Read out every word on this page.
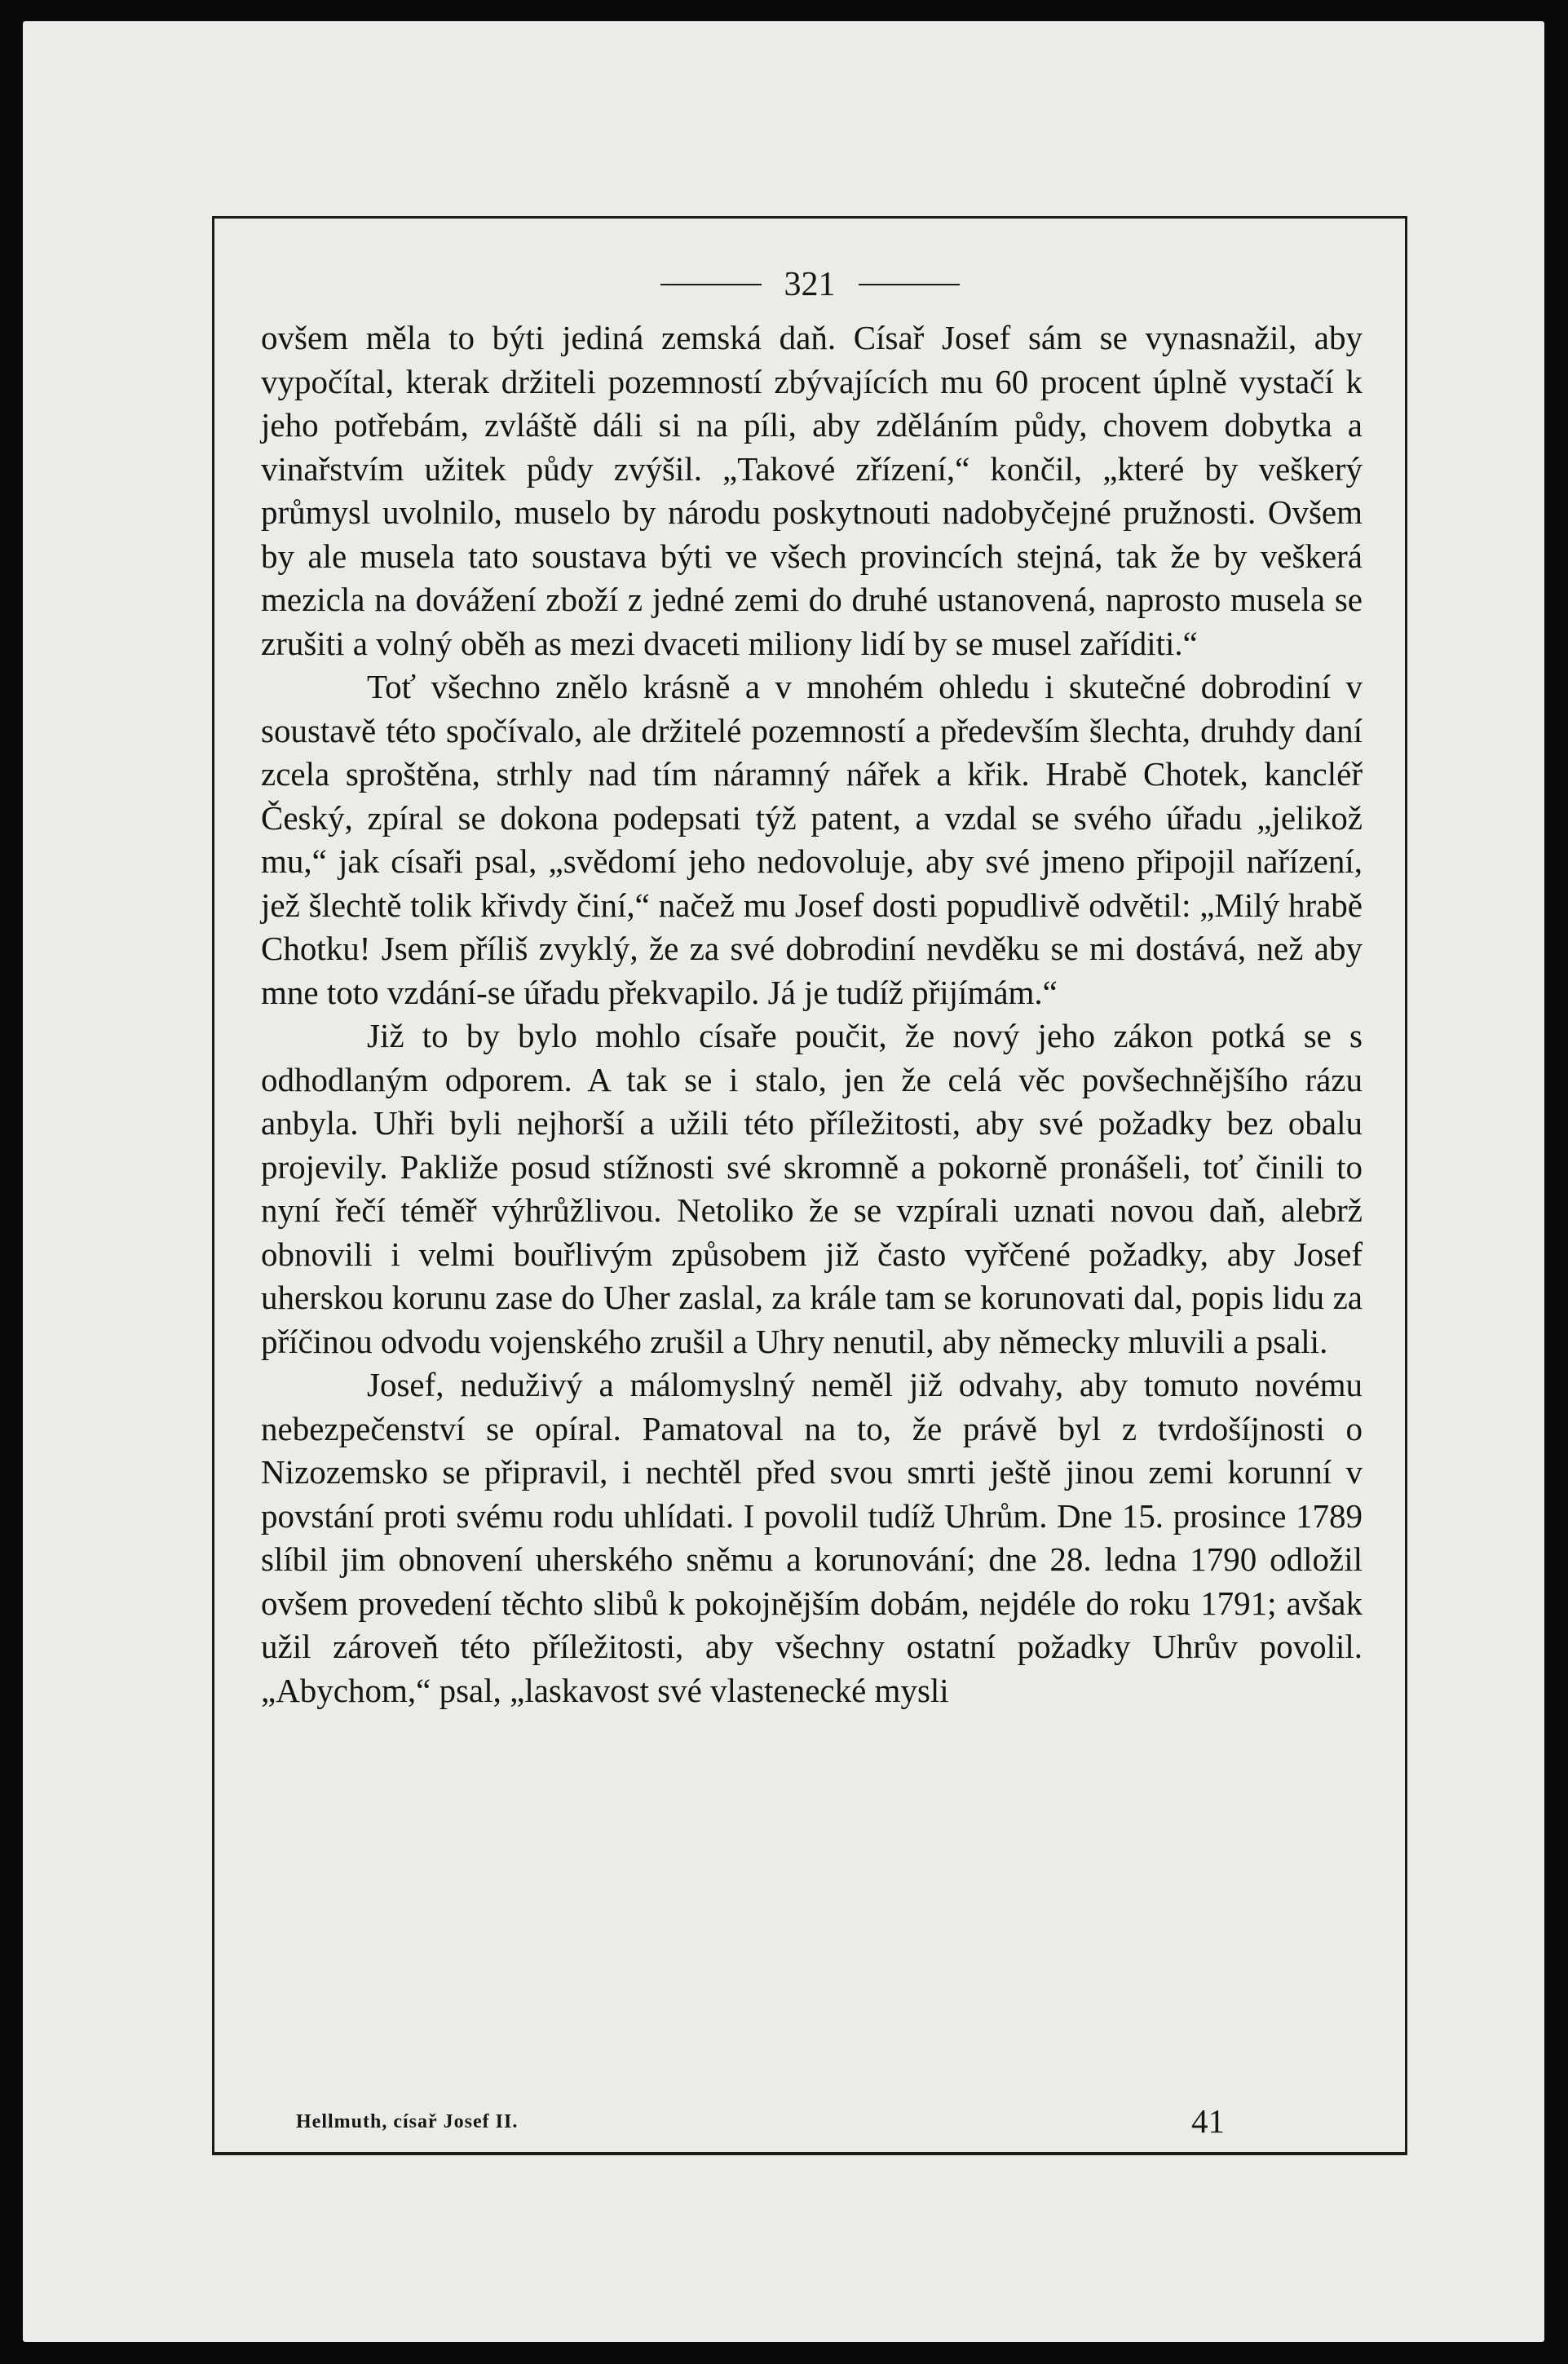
321

ovšem měla to býti jediná zemská daň. Císař Josef sám se vynasnažil, aby vypočítal, kterak držiteli pozemností zbývajících mu 60 procent úplně vystačí k jeho potřebám, zvláště dáli si na píli, aby zděláním půdy, chovem dobytka a vinařstvím užitek půdy zvýšil. „Takové zřízení,“ končil, „které by veškerý průmysl uvolnilo, muselo by národu poskytnouti nadobyčejné pružnosti. Ovšem by ale musela tato soustava býti ve všech provincích stejná, tak že by veškerá mezicla na dovážení zboží z jedné zemi do druhé ustanovená, naprosto musela se zrušiti a volný oběh as mezi dvaceti miliony lidí by se musel zaříditi.“

Toť všechno znělo krásně a v mnohém ohledu i skutečné dobrodiní v soustavě této spočívalo, ale držitelé pozemností a především šlechta, druhdy daní zcela sproštěna, strhly nad tím náramný nářek a křik. Hrabě Chotek, kancléř Český, zpíral se dokona podepsati týž patent, a vzdal se svého úřadu „jelikož mu,“ jak císaři psal, „svědomí jeho nedovoluje, aby své jmeno připojil nařízení, jež šlechtě tolik křivdy činí,“ načež mu Josef dosti popudlivě odvětil: „Milý hrabě Chotku! Jsem příliš zvyklý, že za své dobrodiní nevděku se mi dostává, než aby mne toto vzdání-se úřadu překvapilo. Já je tudíž přijímám.“

Již to by bylo mohlo císaře poučit, že nový jeho zákon potká se s odhodlaným odporem. A tak se i stalo, jen že celá věc povšechnějšího rázu anbyla. Uhři byli nejhorší a užili této příležitosti, aby své požadky bez obalu projevily. Pakliže posud stížnosti své skromně a pokorně pronášeli, toť činili to nyní řečí téměř výhrůžlivou. Netoliko že se vzpírali uznati novou daň, alebrž obnovili i velmi bouřlivým způsobem již často vyřčené požadky, aby Josef uherskou korunu zase do Uher zaslal, za krále tam se korunovati dal, popis lidu za příčinou odvodu vojenského zrušil a Uhry nenutil, aby německy mluvili a psali.

Josef, neduživý a málomyslný neměl již odvahy, aby tomuto novému nebezpečenství se opíral. Pamatoval na to, že právě byl z tvrdošíjnosti o Nizozemsko se připravil, i nechtěl před svou smrti ještě jinou zemi korunní v povstání proti svému rodu uhlídati. I povolil tudíž Uhrům. Dne 15. prosince 1789 slíbil jim obnovení uherského sněmu a korunování; dne 28. ledna 1790 odložil ovšem provedení těchto slibů k pokojnějším dobám, nejdéle do roku 1791; avšak užil zároveň této příležitosti, aby všechny ostatní požadky Uhrův povolil. „Abychom,“ psal, „laskavost své vlastenecké mysli

Hellmuth, císař Josef II.	41
